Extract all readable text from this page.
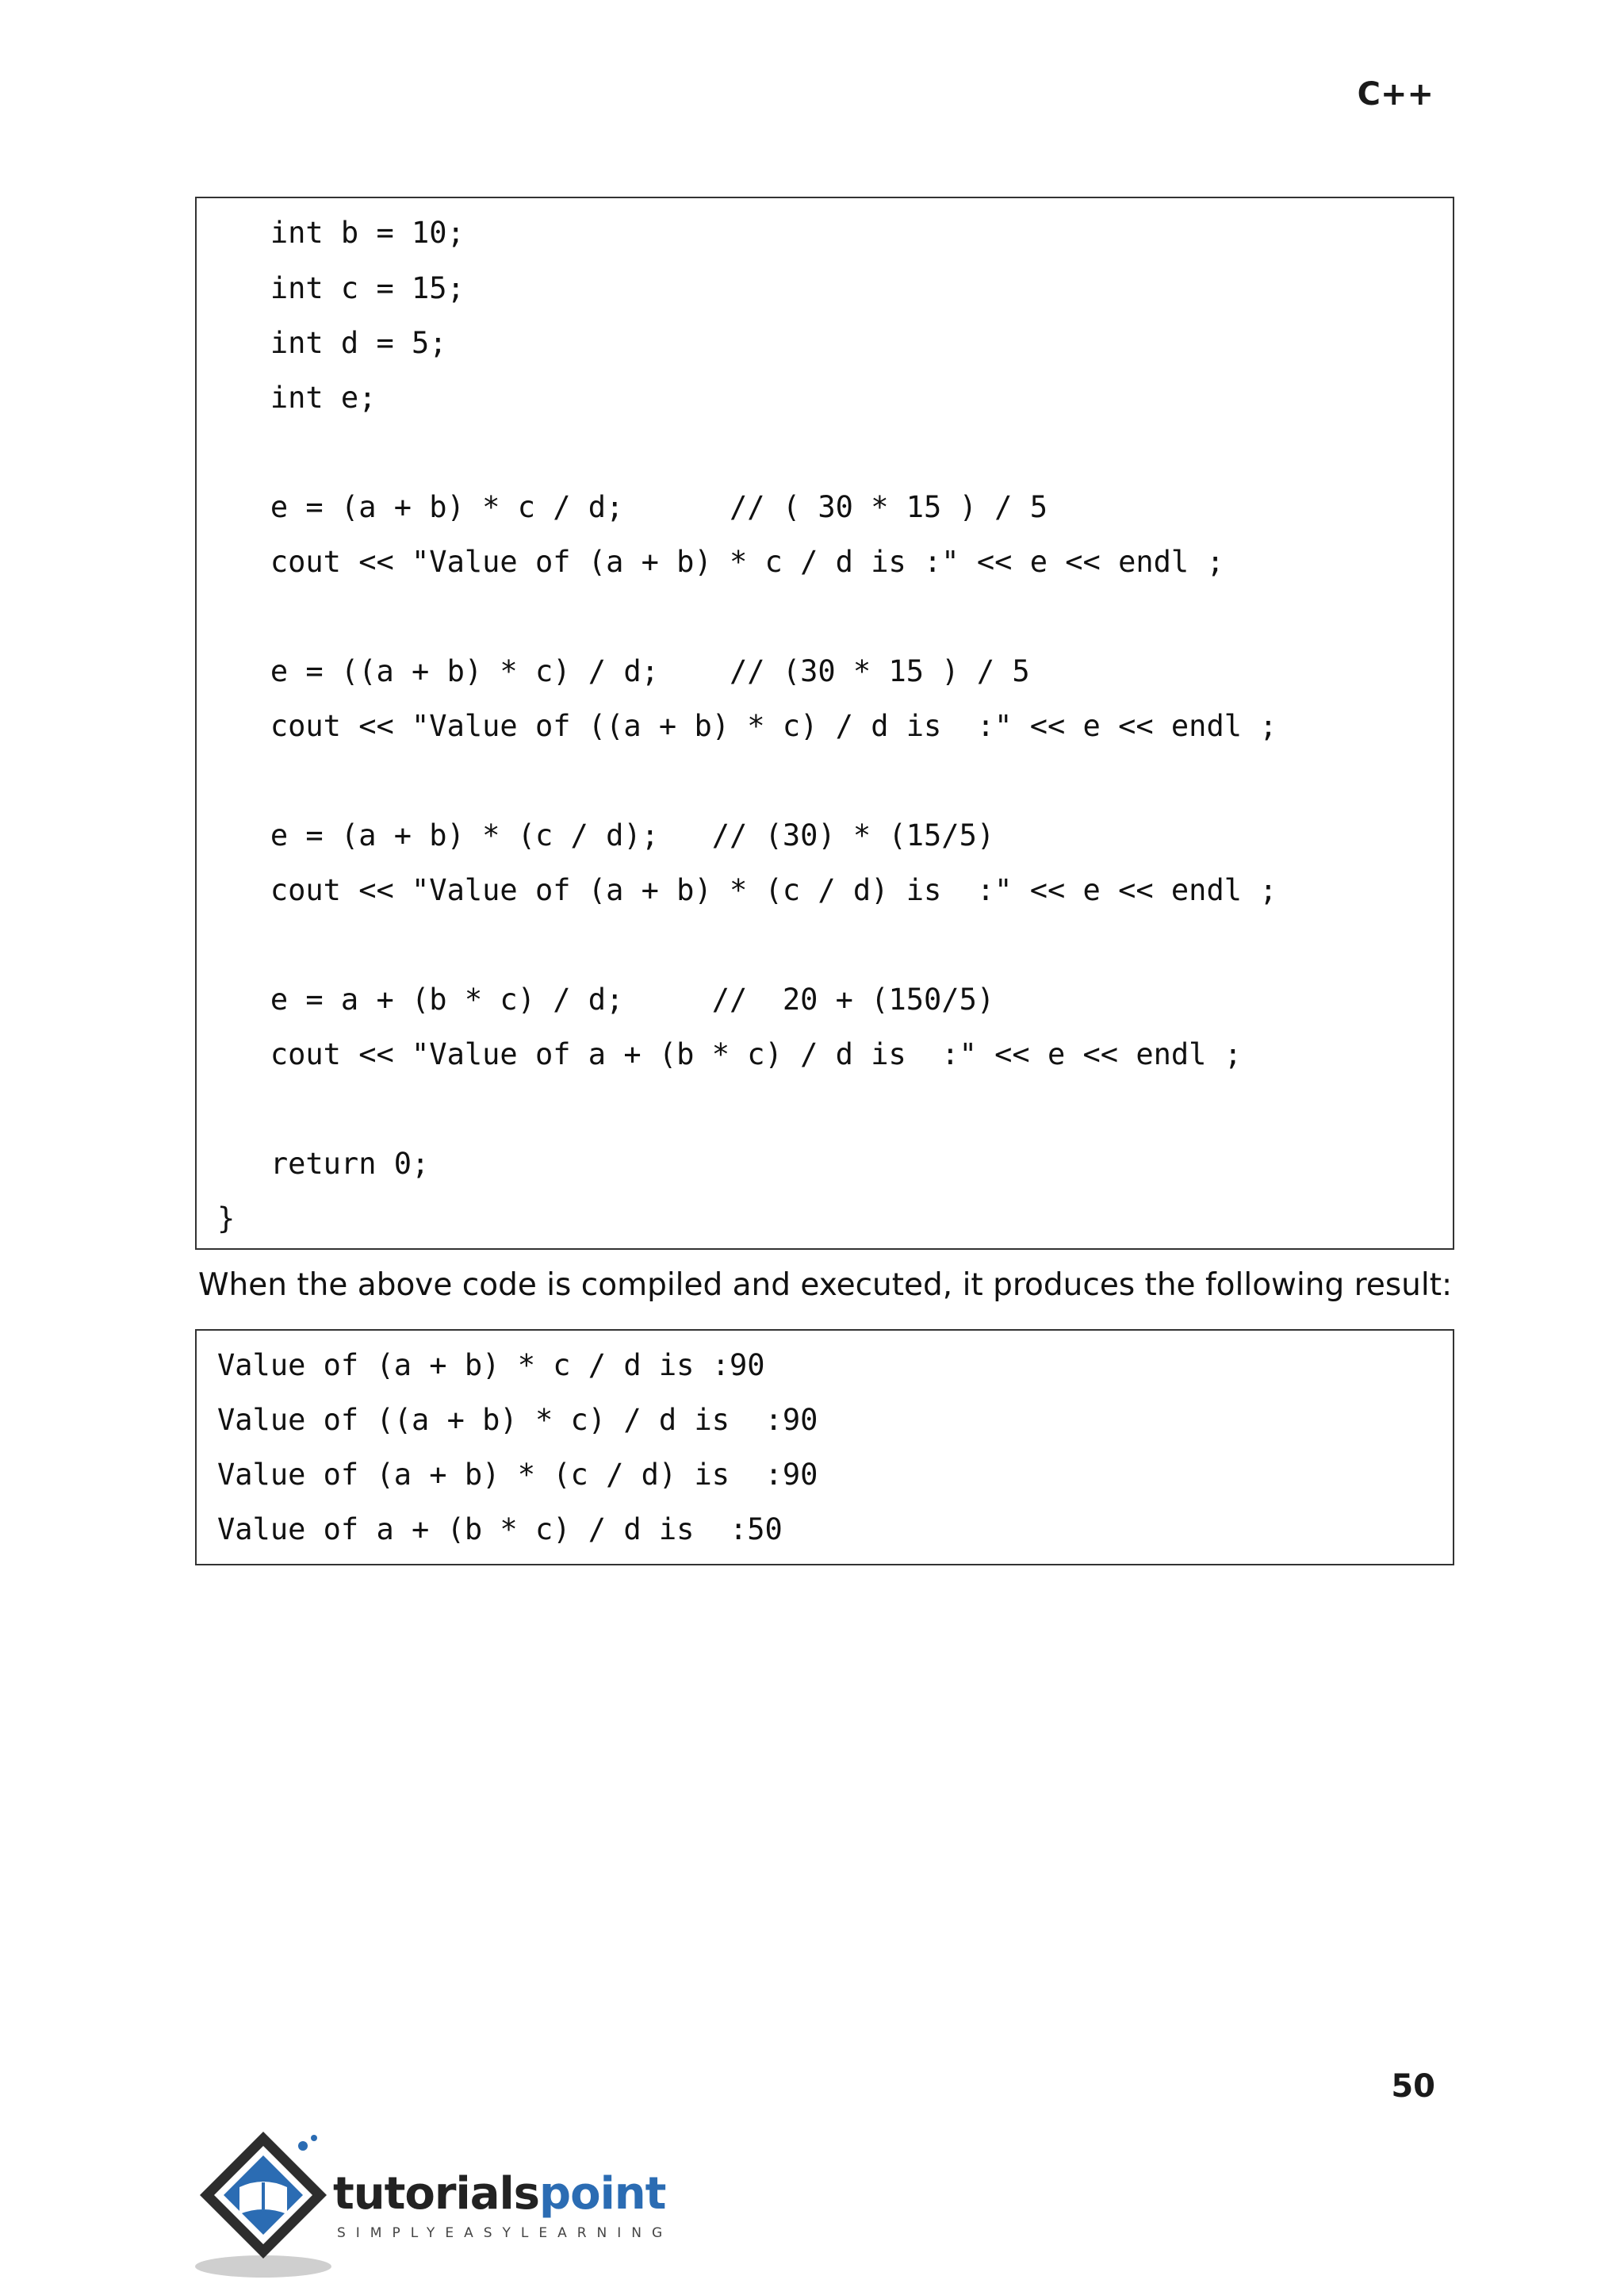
C++
int b = 10;
int c = 15;
int d = 5;
int e;
e = (a + b) * c / d;      // ( 30 * 15 ) / 5
cout << "Value of (a + b) * c / d is :" << e << endl ;
e = ((a + b) * c) / d;    // (30 * 15 ) / 5
cout << "Value of ((a + b) * c) / d is  :" << e << endl ;
e = (a + b) * (c / d);   // (30) * (15/5)
cout << "Value of (a + b) * (c / d) is  :" << e << endl ;
e = a + (b * c) / d;     //  20 + (150/5)
cout << "Value of a + (b * c) / d is  :" << e << endl ;
return 0;
}
When the above code is compiled and executed, it produces the following result:
Value of (a + b) * c / d is :90
Value of ((a + b) * c) / d is  :90
Value of (a + b) * (c / d) is  :90
Value of a + (b * c) / d is  :50
50
tutorialspoint
SIMPLYEASYLEARNING
